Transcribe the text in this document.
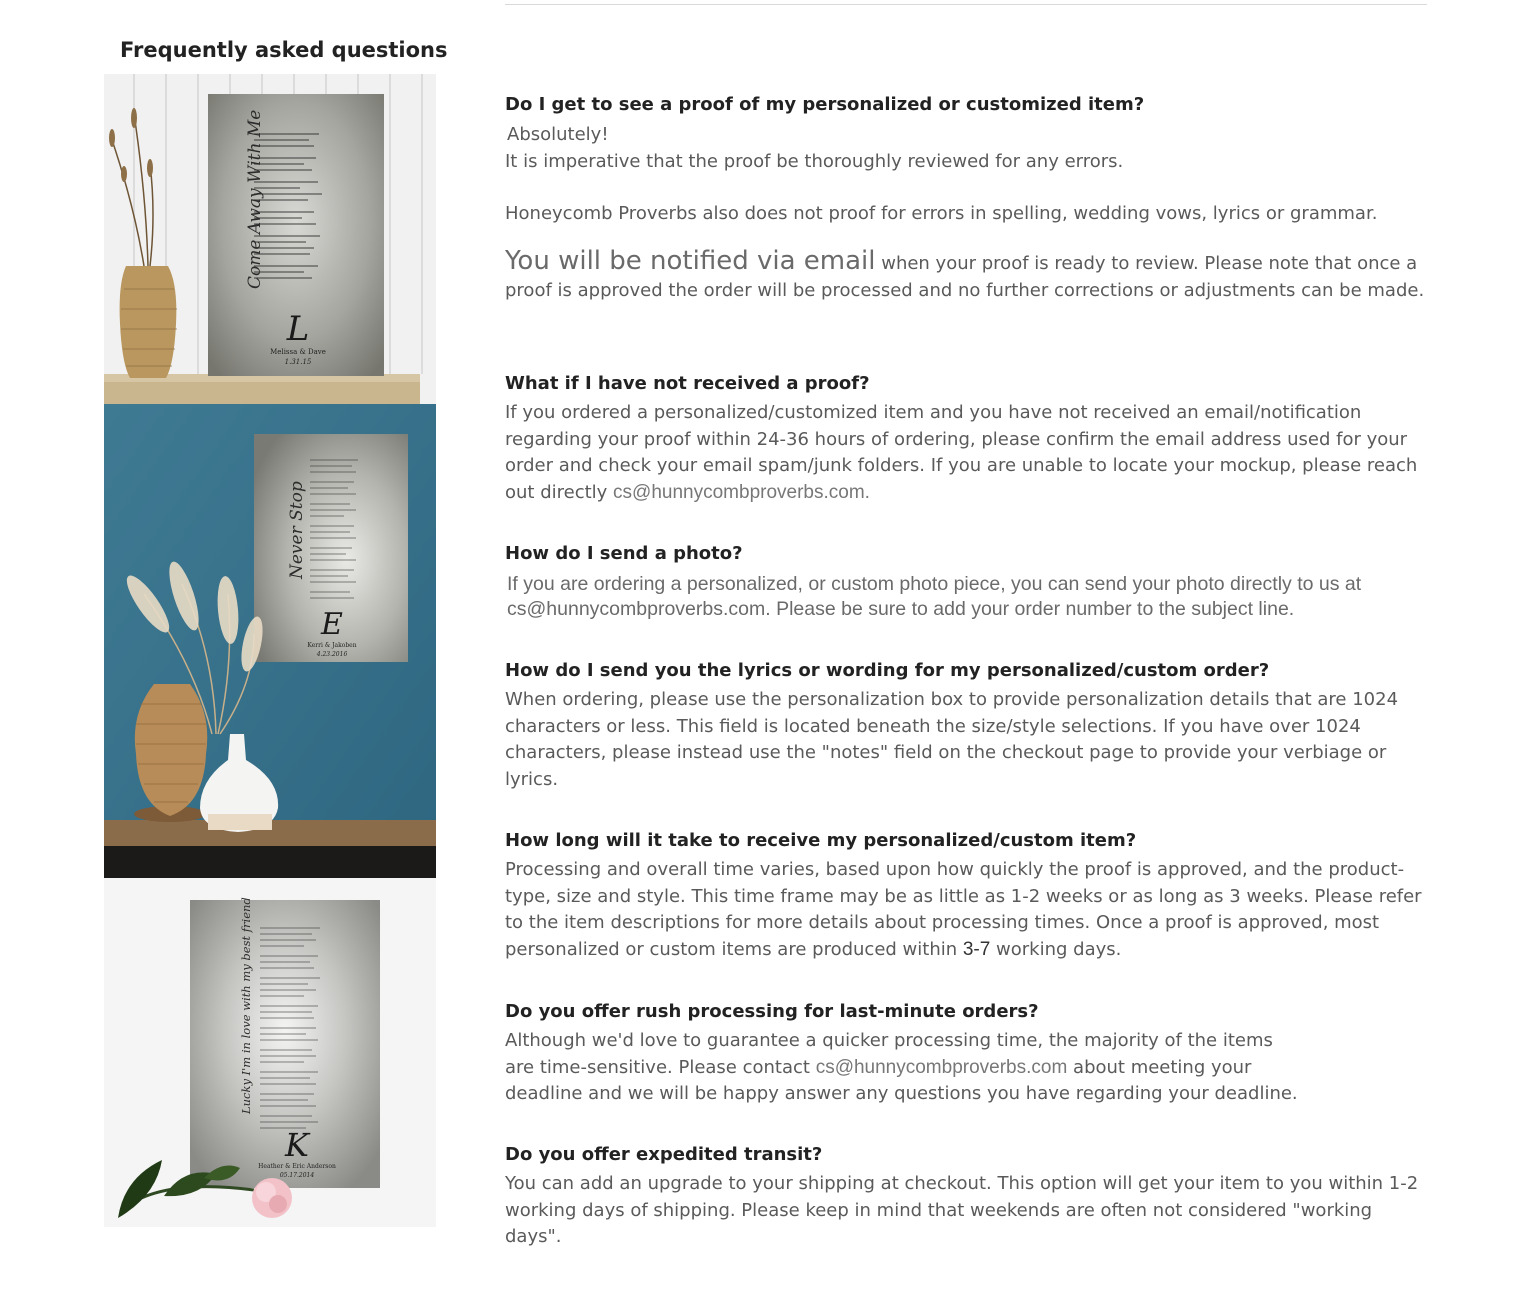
Frequently asked questions
Come Away With Me
L
Melissa & Dave
1.31.15
Never Stop
E
Kerri & Jakoben
4.23.2016
Lucky I'm in love with my best friend
K
Heather & Eric Anderson
05.17.2014
Do I get to see a proof of my personalized or customized item?

Absolutely!

It is imperative that the proof be thoroughly reviewed for any errors.

Honeycomb Proverbs also does not proof for errors in spelling, wedding vows, lyrics or grammar.

You will be notified via email when your proof is ready to review. Please note that once a proof is approved the order will be processed and no further corrections or adjustments can be made.

What if I have not received a proof?
If you ordered a personalized/customized item and you have not received an email/notification regarding your proof within 24-36 hours of ordering, please confirm the email address used for your order and check your email spam/junk folders. If you are unable to locate your mockup, please reach out directly cs@hunnycombproverbs.com.
How do I send a photo?
If you are ordering a personalized, or custom photo piece, you can send your photo directly to us at cs@hunnycombproverbs.com. Please be sure to add your order number to the subject line.
How do I send you the lyrics or wording for my personalized/custom order?
When ordering, please use the personalization box to provide personalization details that are 1024 characters or less. This field is located beneath the size/style selections. If you have over 1024 characters, please instead use the "notes" field on the checkout page to provide your verbiage or lyrics.
How long will it take to receive my personalized/custom item?
Processing and overall time varies, based upon how quickly the proof is approved, and the product-type, size and style. This time frame may be as little as 1-2 weeks or as long as 3 weeks. Please refer to the item descriptions for more details about processing times. Once a proof is approved, most personalized or custom items are produced within 3-7 working days.
Do you offer rush processing for last-minute orders?

Although we'd love to guarantee a quicker processing time, the majority of the items

are time-sensitive. Please contact cs@hunnycombproverbs.com about meeting your

deadline and we will be happy answer any questions you have regarding your deadline.

Do you offer expedited transit?
You can add an upgrade to your shipping at checkout. This option will get your item to you within 1-2 working days of shipping. Please keep in mind that weekends are often not considered "working days".
